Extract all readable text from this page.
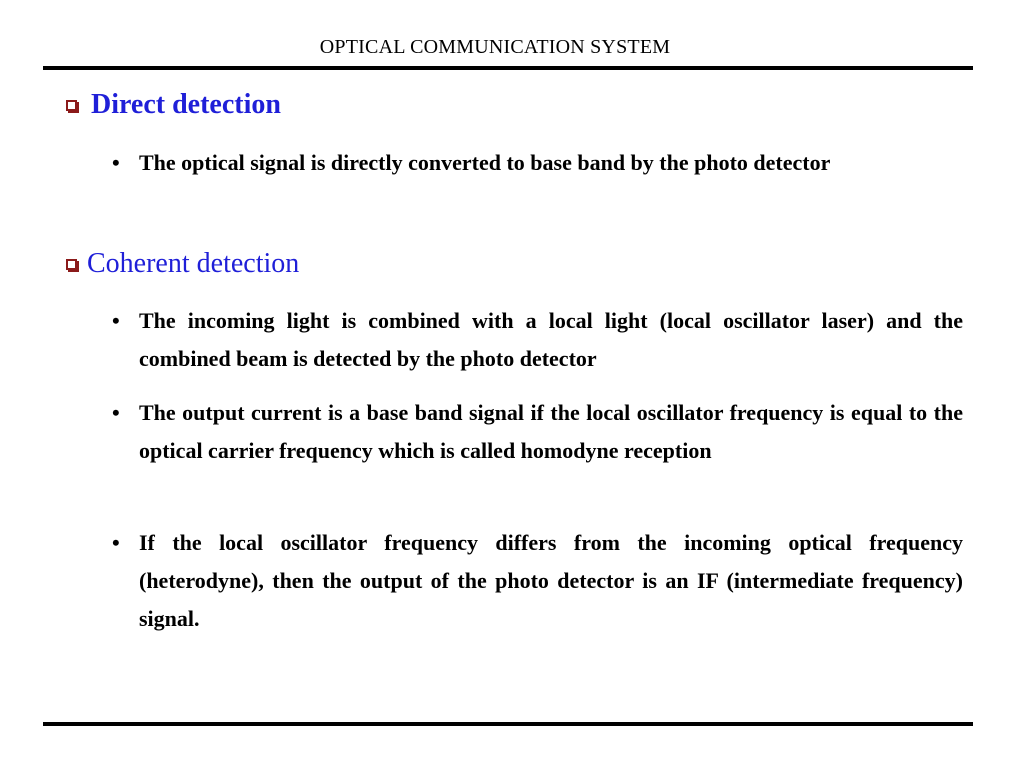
OPTICAL COMMUNICATION SYSTEM
Direct detection
• The optical signal is directly converted to base band by the photo detector
Coherent detection
• The incoming light is combined with a local light (local oscillator laser) and the combined beam is detected by the photo detector
• The output current is a base band signal if the local oscillator frequency is equal to the optical carrier frequency which is called homodyne reception
• If the local oscillator frequency differs from the incoming optical frequency (heterodyne), then the output of the photo detector is an IF (intermediate frequency) signal.
